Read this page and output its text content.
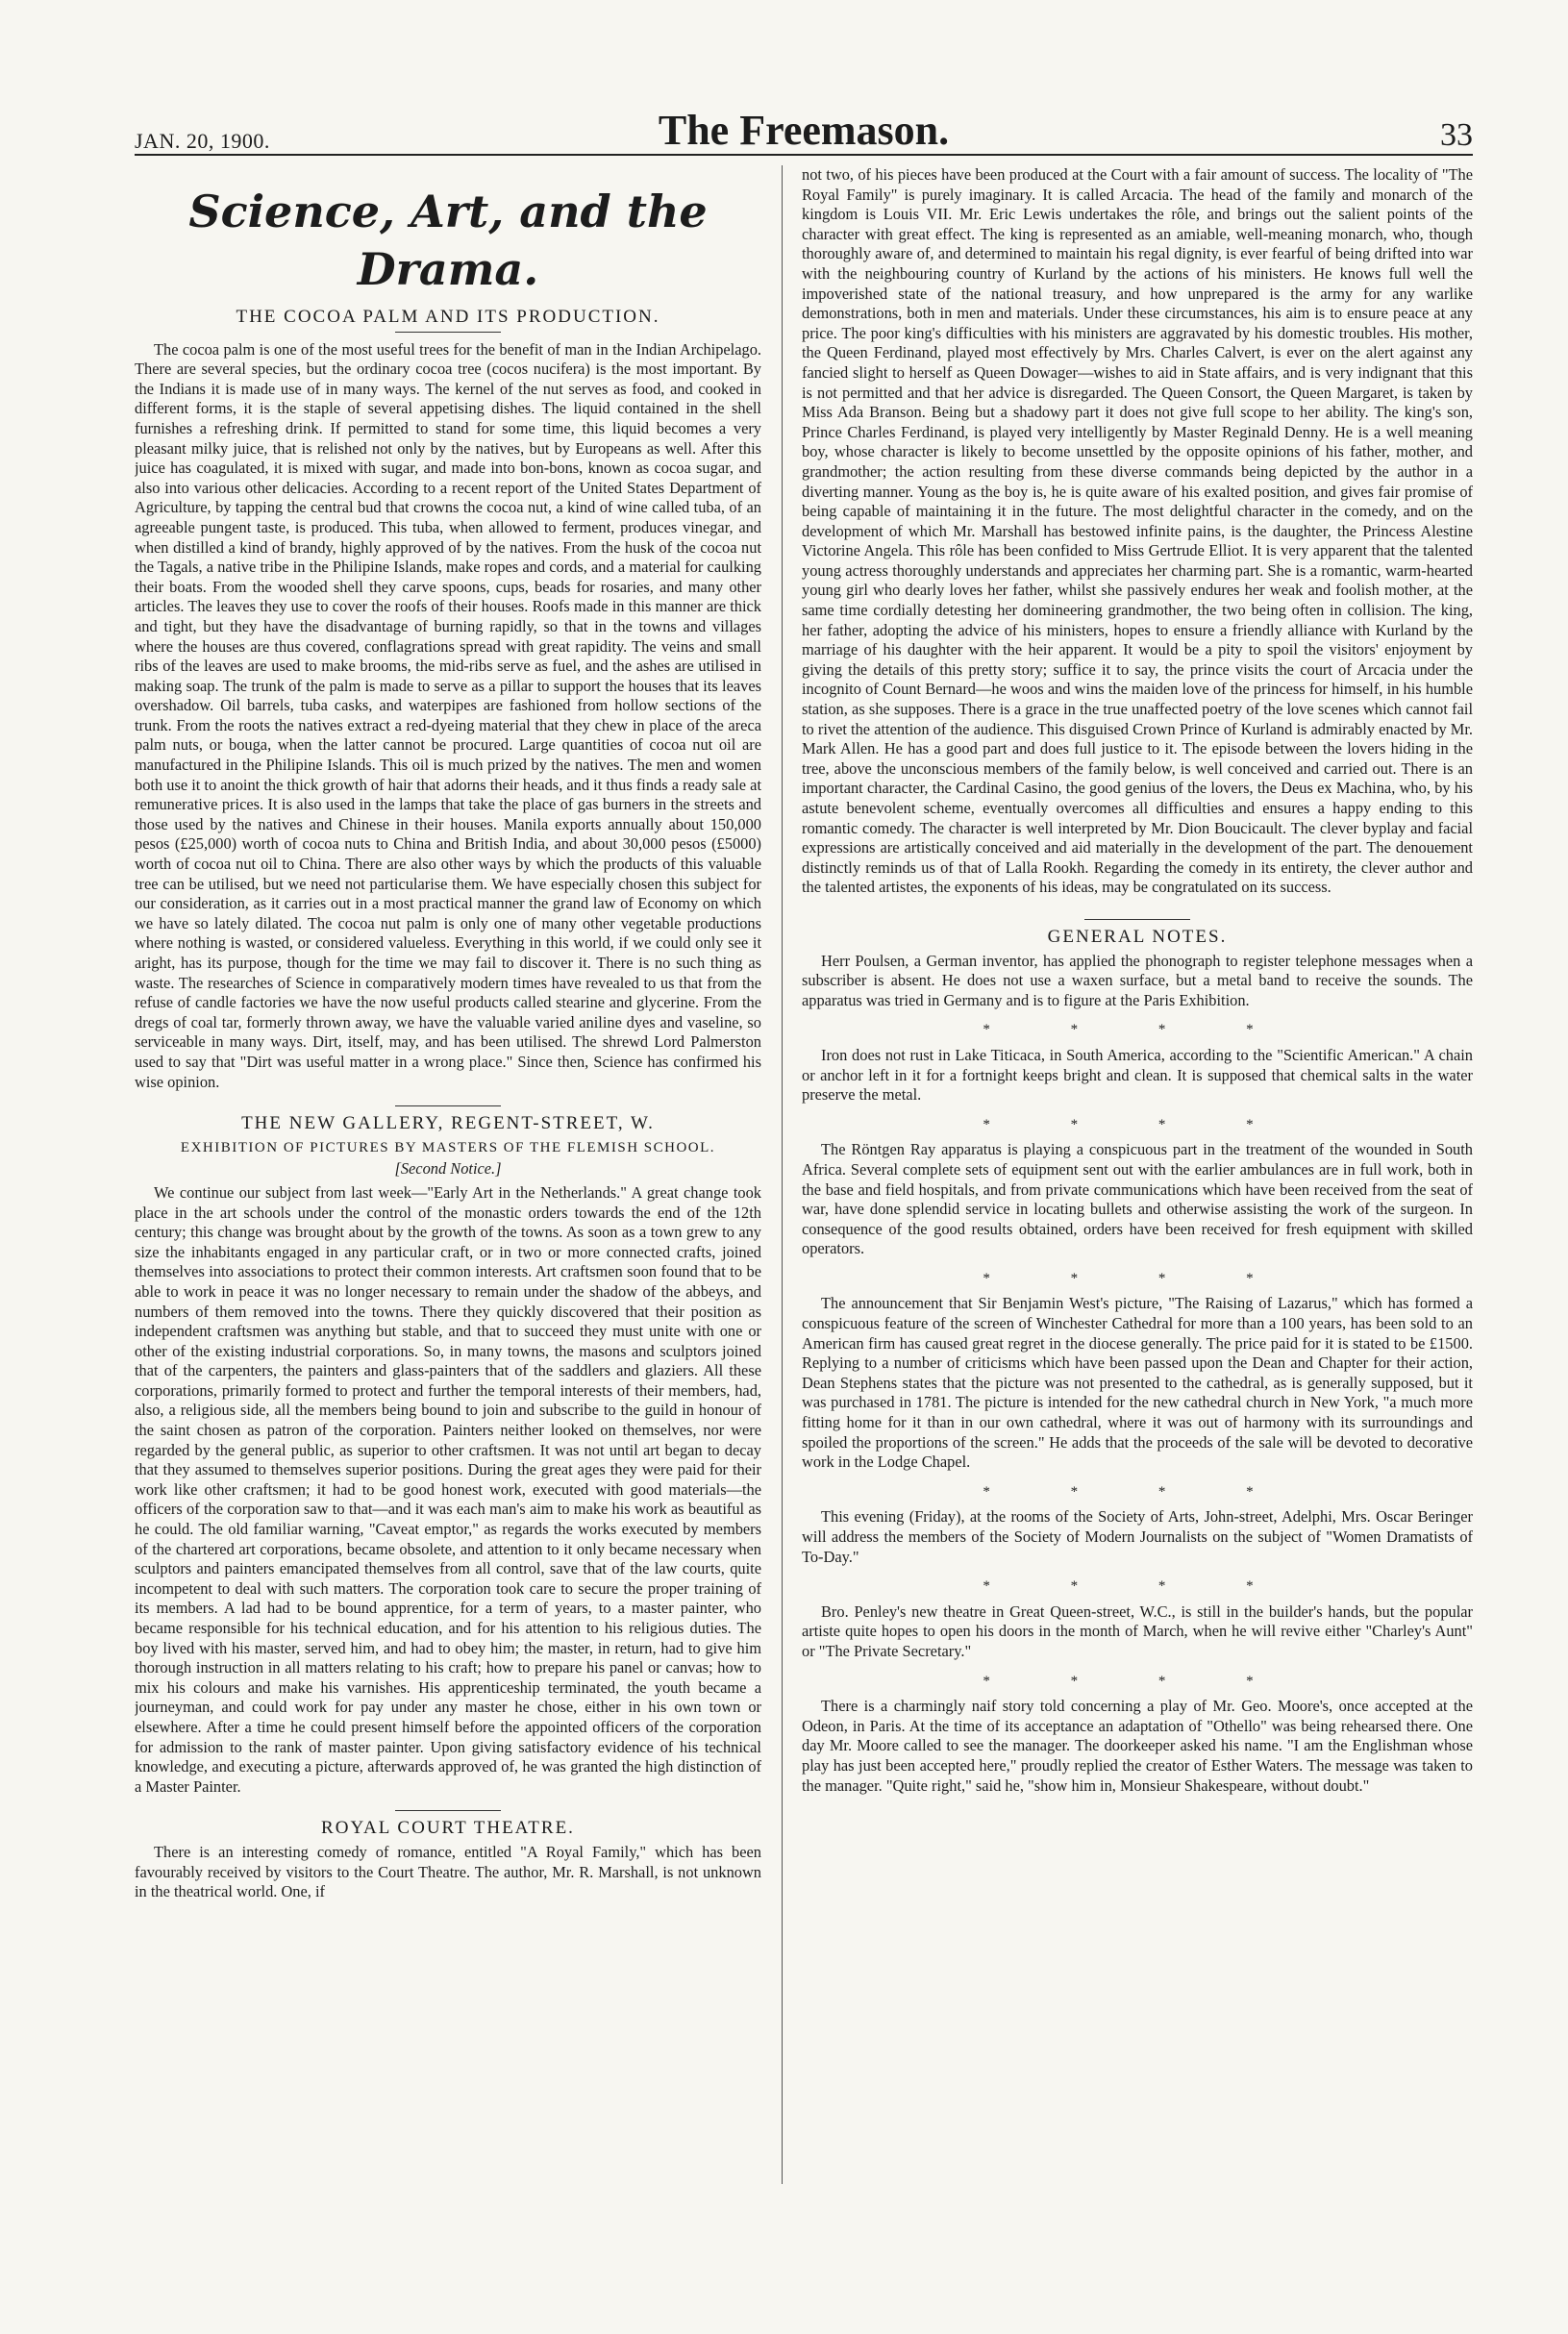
JAN. 20, 1900.	The Freemason.	33
Science, Art, and the Drama.
THE COCOA PALM AND ITS PRODUCTION.

The cocoa palm is one of the most useful trees for the benefit of man in the Indian Archipelago. There are several species, but the ordinary cocoa tree (cocos nucifera) is the most important. By the Indians it is made use of in many ways. The kernel of the nut serves as food, and cooked in different forms, it is the staple of several appetising dishes. The liquid contained in the shell furnishes a refreshing drink. If permitted to stand for some time, this liquid becomes a very pleasant milky juice, that is relished not only by the natives, but by Europeans as well. After this juice has coagulated, it is mixed with sugar, and made into bon-bons, known as cocoa sugar, and also into various other delicacies. According to a recent report of the United States Department of Agriculture, by tapping the central bud that crowns the cocoa nut, a kind of wine called tuba, of an agreeable pungent taste, is produced. This tuba, when allowed to ferment, produces vinegar, and when distilled a kind of brandy, highly approved of by the natives. From the husk of the cocoa nut the Tagals, a native tribe in the Philipine Islands, make ropes and cords, and a material for caulking their boats. From the wooded shell they carve spoons, cups, beads for rosaries, and many other articles. The leaves they use to cover the roofs of their houses. Roofs made in this manner are thick and tight, but they have the disadvantage of burning rapidly, so that in the towns and villages where the houses are thus covered, conflagrations spread with great rapidity. The veins and small ribs of the leaves are used to make brooms, the mid-ribs serve as fuel, and the ashes are utilised in making soap. The trunk of the palm is made to serve as a pillar to support the houses that its leaves overshadow. Oil barrels, tuba casks, and waterpipes are fashioned from hollow sections of the trunk. From the roots the natives extract a red-dyeing material that they chew in place of the areca palm nuts, or bouga, when the latter cannot be procured. Large quantities of cocoa nut oil are manufactured in the Philipine Islands. This oil is much prized by the natives. The men and women both use it to anoint the thick growth of hair that adorns their heads, and it thus finds a ready sale at remunerative prices. It is also used in the lamps that take the place of gas burners in the streets and those used by the natives and Chinese in their houses. Manila exports annually about 150,000 pesos (£25,000) worth of cocoa nuts to China and British India, and about 30,000 pesos (£5000) worth of cocoa nut oil to China. There are also other ways by which the products of this valuable tree can be utilised, but we need not particularise them. We have especially chosen this subject for our consideration, as it carries out in a most practical manner the grand law of Economy on which we have so lately dilated. The cocoa nut palm is only one of many other vegetable productions where nothing is wasted, or considered valueless. Everything in this world, if we could only see it aright, has its purpose, though for the time we may fail to discover it. There is no such thing as waste. The researches of Science in comparatively modern times have revealed to us that from the refuse of candle factories we have the now useful products called stearine and glycerine. From the dregs of coal tar, formerly thrown away, we have the valuable varied aniline dyes and vaseline, so serviceable in many ways. Dirt, itself, may, and has been utilised. The shrewd Lord Palmerston used to say that "Dirt was useful matter in a wrong place." Since then, Science has confirmed his wise opinion.

THE NEW GALLERY, REGENT-STREET, W.
EXHIBITION OF PICTURES BY MASTERS OF THE FLEMISH SCHOOL.
[Second Notice.]

We continue our subject from last week—"Early Art in the Netherlands." A great change took place in the art schools under the control of the monastic orders towards the end of the 12th century; this change was brought about by the growth of the towns. As soon as a town grew to any size the inhabitants engaged in any particular craft, or in two or more connected crafts, joined themselves into associations to protect their common interests. Art craftsmen soon found that to be able to work in peace it was no longer necessary to remain under the shadow of the abbeys, and numbers of them removed into the towns. There they quickly discovered that their position as independent craftsmen was anything but stable, and that to succeed they must unite with one or other of the existing industrial corporations. So, in many towns, the masons and sculptors joined that of the carpenters, the painters and glass-painters that of the saddlers and glaziers. All these corporations, primarily formed to protect and further the temporal interests of their members, had, also, a religious side, all the members being bound to join and subscribe to the guild in honour of the saint chosen as patron of the corporation. Painters neither looked on themselves, nor were regarded by the general public, as superior to other craftsmen. It was not until art began to decay that they assumed to themselves superior positions. During the great ages they were paid for their work like other craftsmen; it had to be good honest work, executed with good materials—the officers of the corporation saw to that—and it was each man's aim to make his work as beautiful as he could. The old familiar warning, "Caveat emptor," as regards the works executed by members of the chartered art corporations, became obsolete, and attention to it only became necessary when sculptors and painters emancipated themselves from all control, save that of the law courts, quite incompetent to deal with such matters. The corporation took care to secure the proper training of its members. A lad had to be bound apprentice, for a term of years, to a master painter, who became responsible for his technical education, and for his attention to his religious duties. The boy lived with his master, served him, and had to obey him; the master, in return, had to give him thorough instruction in all matters relating to his craft; how to prepare his panel or canvas; how to mix his colours and make his varnishes. His apprenticeship terminated, the youth became a journeyman, and could work for pay under any master he chose, either in his own town or elsewhere. After a time he could present himself before the appointed officers of the corporation for admission to the rank of master painter. Upon giving satisfactory evidence of his technical knowledge, and executing a picture, afterwards approved of, he was granted the high distinction of a Master Painter.

ROYAL COURT THEATRE.

There is an interesting comedy of romance, entitled "A Royal Family," which has been favourably received by visitors to the Court Theatre. The author, Mr. R. Marshall, is not unknown in the theatrical world. One, if

not two, of his pieces have been produced at the Court with a fair amount of success. The locality of "The Royal Family" is purely imaginary. It is called Arcacia. The head of the family and monarch of the kingdom is Louis VII. Mr. Eric Lewis undertakes the rôle, and brings out the salient points of the character with great effect. The king is represented as an amiable, well-meaning monarch, who, though thoroughly aware of, and determined to maintain his regal dignity, is ever fearful of being drifted into war with the neighbouring country of Kurland by the actions of his ministers. He knows full well the impoverished state of the national treasury, and how unprepared is the army for any warlike demonstrations, both in men and materials. Under these circumstances, his aim is to ensure peace at any price. The poor king's difficulties with his ministers are aggravated by his domestic troubles. His mother, the Queen Ferdinand, played most effectively by Mrs. Charles Calvert, is ever on the alert against any fancied slight to herself as Queen Dowager—wishes to aid in State affairs, and is very indignant that this is not permitted and that her advice is disregarded. The Queen Consort, the Queen Margaret, is taken by Miss Ada Branson. Being but a shadowy part it does not give full scope to her ability. The king's son, Prince Charles Ferdinand, is played very intelligently by Master Reginald Denny. He is a well meaning boy, whose character is likely to become unsettled by the opposite opinions of his father, mother, and grandmother; the action resulting from these diverse commands being depicted by the author in a diverting manner. Young as the boy is, he is quite aware of his exalted position, and gives fair promise of being capable of maintaining it in the future. The most delightful character in the comedy, and on the development of which Mr. Marshall has bestowed infinite pains, is the daughter, the Princess Alestine Victorine Angela. This rôle has been confided to Miss Gertrude Elliot. It is very apparent that the talented young actress thoroughly understands and appreciates her charming part. She is a romantic, warm-hearted young girl who dearly loves her father, whilst she passively endures her weak and foolish mother, at the same time cordially detesting her domineering grandmother, the two being often in collision. The king, her father, adopting the advice of his ministers, hopes to ensure a friendly alliance with Kurland by the marriage of his daughter with the heir apparent. It would be a pity to spoil the visitors' enjoyment by giving the details of this pretty story; suffice it to say, the prince visits the court of Arcacia under the incognito of Count Bernard—he woos and wins the maiden love of the princess for himself, in his humble station, as she supposes. There is a grace in the true unaffected poetry of the love scenes which cannot fail to rivet the attention of the audience. This disguised Crown Prince of Kurland is admirably enacted by Mr. Mark Allen. He has a good part and does full justice to it. The episode between the lovers hiding in the tree, above the unconscious members of the family below, is well conceived and carried out. There is an important character, the Cardinal Casino, the good genius of the lovers, the Deus ex Machina, who, by his astute benevolent scheme, eventually overcomes all difficulties and ensures a happy ending to this romantic comedy. The character is well interpreted by Mr. Dion Boucicault. The clever byplay and facial expressions are artistically conceived and aid materially in the development of the part. The denouement distinctly reminds us of that of Lalla Rookh. Regarding the comedy in its entirety, the clever author and the talented artistes, the exponents of his ideas, may be congratulated on its success.

GENERAL NOTES.

Herr Poulsen, a German inventor, has applied the phonograph to register telephone messages when a subscriber is absent. He does not use a waxen surface, but a metal band to receive the sounds. The apparatus was tried in Germany and is to figure at the Paris Exhibition.

* * * *

Iron does not rust in Lake Titicaca, in South America, according to the "Scientific American." A chain or anchor left in it for a fortnight keeps bright and clean. It is supposed that chemical salts in the water preserve the metal.

* * * *

The Röntgen Ray apparatus is playing a conspicuous part in the treatment of the wounded in South Africa. Several complete sets of equipment sent out with the earlier ambulances are in full work, both in the base and field hospitals, and from private communications which have been received from the seat of war, have done splendid service in locating bullets and otherwise assisting the work of the surgeon. In consequence of the good results obtained, orders have been received for fresh equipment with skilled operators.

* * * *

The announcement that Sir Benjamin West's picture, "The Raising of Lazarus," which has formed a conspicuous feature of the screen of Winchester Cathedral for more than a 100 years, has been sold to an American firm has caused great regret in the diocese generally. The price paid for it is stated to be £1500. Replying to a number of criticisms which have been passed upon the Dean and Chapter for their action, Dean Stephens states that the picture was not presented to the cathedral, as is generally supposed, but it was purchased in 1781. The picture is intended for the new cathedral church in New York, "a much more fitting home for it than in our own cathedral, where it was out of harmony with its surroundings and spoiled the proportions of the screen." He adds that the proceeds of the sale will be devoted to decorative work in the Lodge Chapel.

* * * *

This evening (Friday), at the rooms of the Society of Arts, John-street, Adelphi, Mrs. Oscar Beringer will address the members of the Society of Modern Journalists on the subject of "Women Dramatists of To-Day."

* * * *

Bro. Penley's new theatre in Great Queen-street, W.C., is still in the builder's hands, but the popular artiste quite hopes to open his doors in the month of March, when he will revive either "Charley's Aunt" or "The Private Secretary."

* * * *

There is a charmingly naif story told concerning a play of Mr. Geo. Moore's, once accepted at the Odeon, in Paris. At the time of its acceptance an adaptation of "Othello" was being rehearsed there. One day Mr. Moore called to see the manager. The doorkeeper asked his name. "I am the Englishman whose play has just been accepted here," proudly replied the creator of Esther Waters. The message was taken to the manager. "Quite right," said he, "show him in, Monsieur Shakespeare, without doubt."
